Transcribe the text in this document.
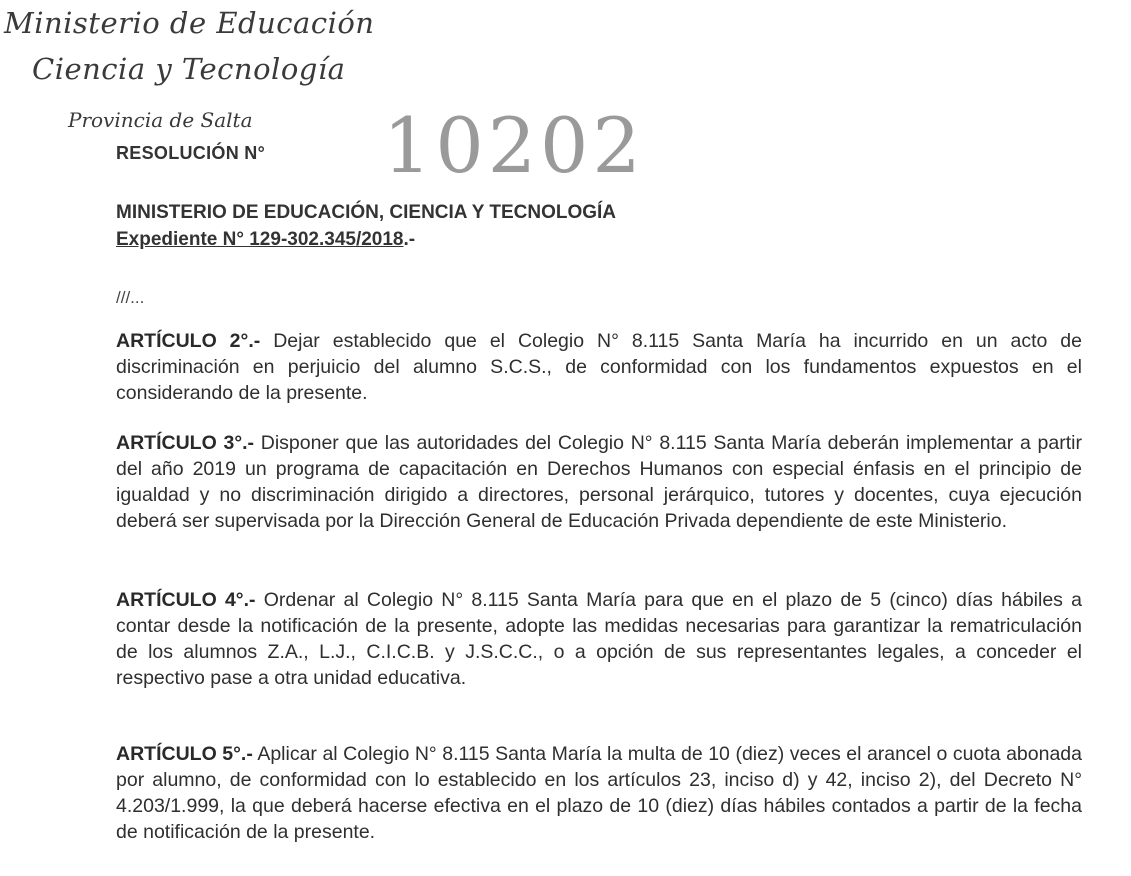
Ministerio de Educación
Ciencia y Tecnología
Provincia de Salta
RESOLUCIÓN N° 10202
MINISTERIO DE EDUCACIÓN, CIENCIA Y TECNOLOGÍA
Expediente N° 129-302.345/2018.-
///...
ARTÍCULO 2°.- Dejar establecido que el Colegio N° 8.115 Santa María ha incurrido en un acto de discriminación en perjuicio del alumno S.C.S., de conformidad con los fundamentos expuestos en el considerando de la presente.
ARTÍCULO 3°.- Disponer que las autoridades del Colegio N° 8.115 Santa María deberán implementar a partir del año 2019 un programa de capacitación en Derechos Humanos con especial énfasis en el principio de igualdad y no discriminación dirigido a directores, personal jerárquico, tutores y docentes, cuya ejecución deberá ser supervisada por la Dirección General de Educación Privada dependiente de este Ministerio.
ARTÍCULO 4°.- Ordenar al Colegio N° 8.115 Santa María para que en el plazo de 5 (cinco) días hábiles a contar desde la notificación de la presente, adopte las medidas necesarias para garantizar la rematriculación de los alumnos Z.A., L.J., C.I.C.B. y J.S.C.C., o a opción de sus representantes legales, a conceder el respectivo pase a otra unidad educativa.
ARTÍCULO 5°.- Aplicar al Colegio N° 8.115 Santa María la multa de 10 (diez) veces el arancel o cuota abonada por alumno, de conformidad con lo establecido en los artículos 23, inciso d) y 42, inciso 2), del Decreto N° 4.203/1.999, la que deberá hacerse efectiva en el plazo de 10 (diez) días hábiles contados a partir de la fecha de notificación de la presente.
